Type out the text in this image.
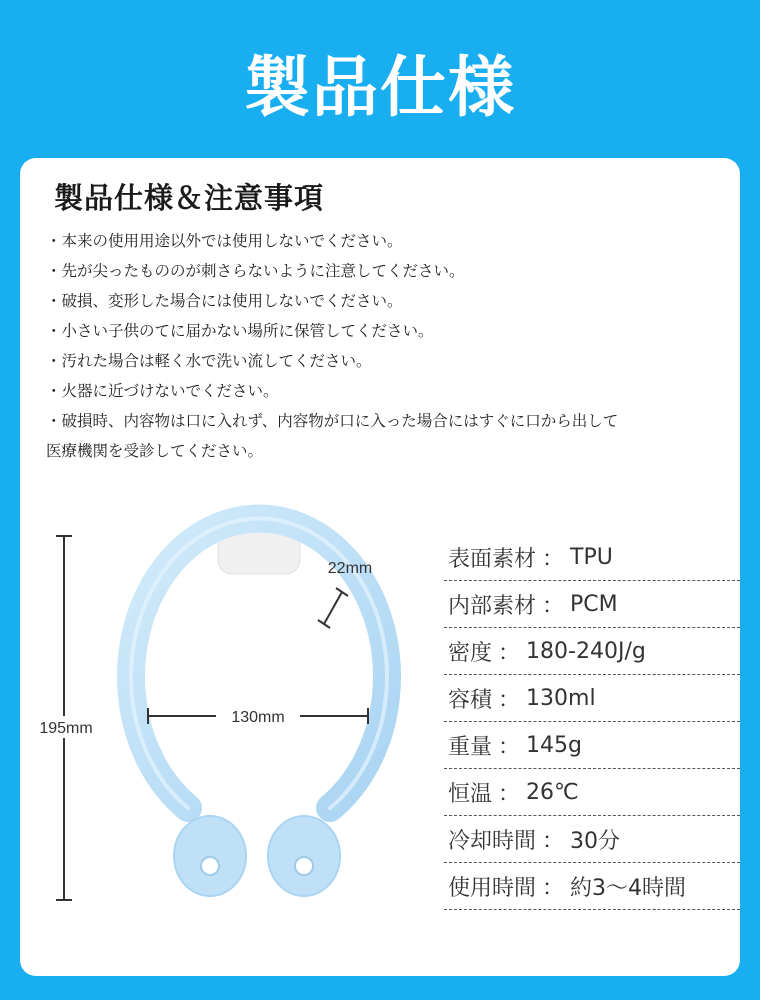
製品仕様
製品仕様＆注意事項
・本来の使用用途以外では使用しないでください。
・先が尖ったもののが刺さらないように注意してください。
・破損、変形した場合には使用しないでください。
・小さい子供のてに届かない場所に保管してください。
・汚れた場合は軽く水で洗い流してください。
・火器に近づけないでください。
・破損時、内容物は口に入れず、内容物が口に入った場合にはすぐに口から出して
医療機関を受診してください。
195mm
130mm
22mm	表面素材 ： TPU
内部素材 ： PCM
密度 ： 180-240J/g
容積 ： 130ml
重量 ： 145g
恒温 ： 26℃
冷却時間 ： 30分
使用時間 ： 約3～4時間
